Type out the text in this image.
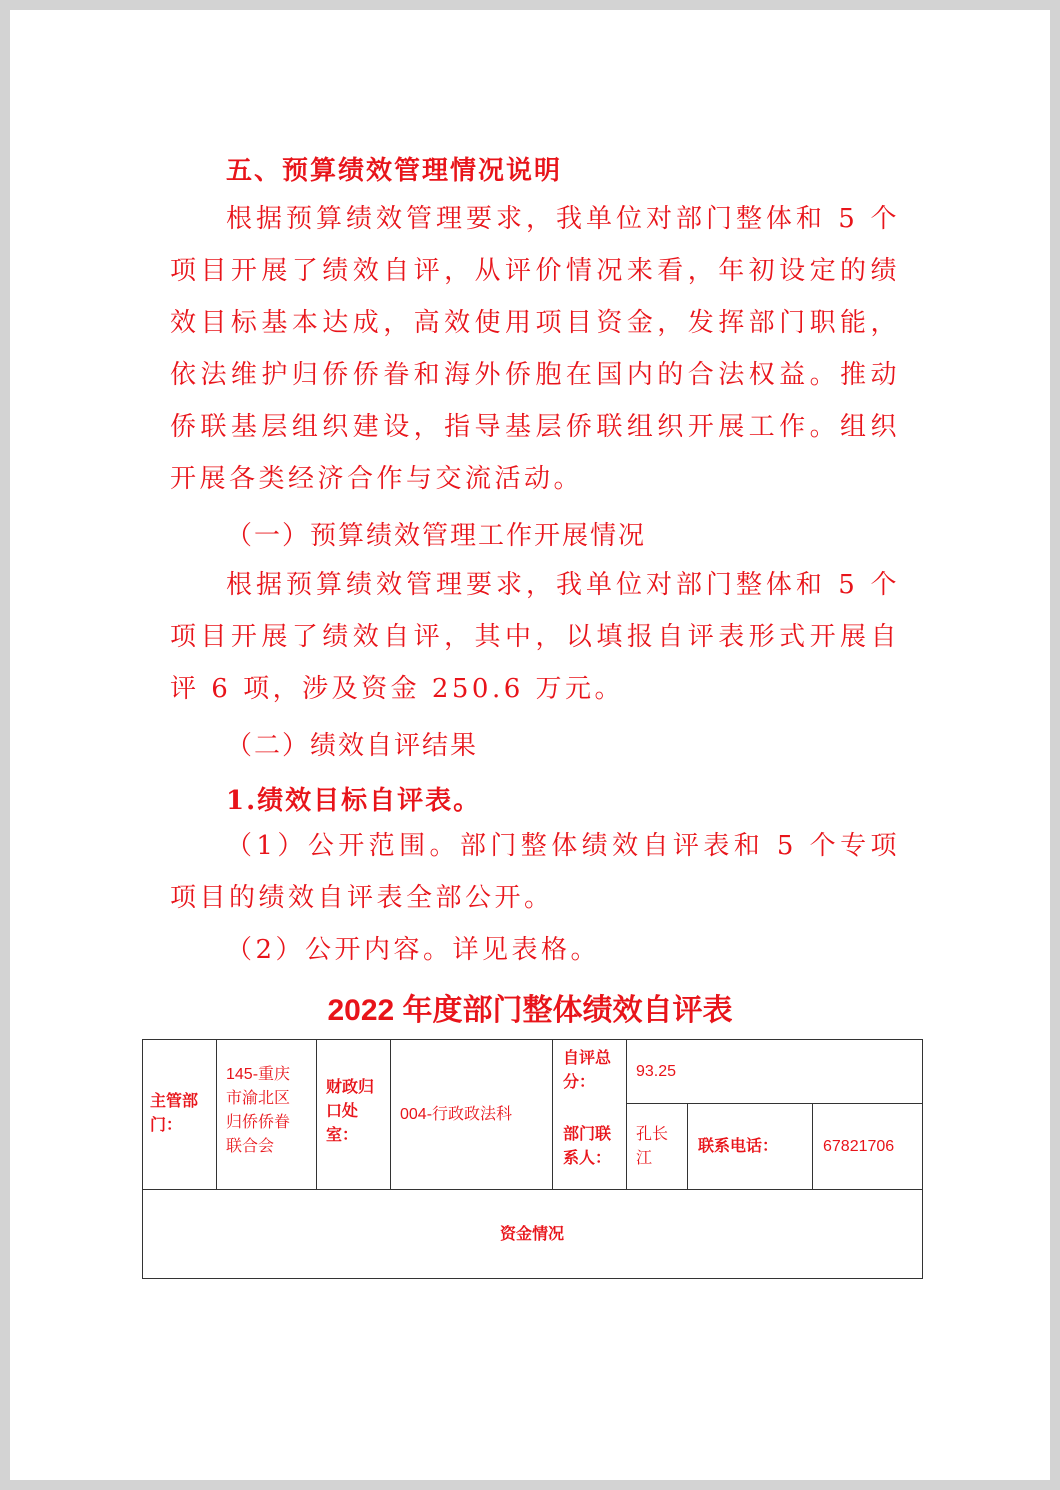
五、预算绩效管理情况说明

根据预算绩效管理要求，我单位对部门整体和 5 个项目开展了绩效自评，从评价情况来看，年初设定的绩效目标基本达成，高效使用项目资金，发挥部门职能，依法维护归侨侨眷和海外侨胞在国内的合法权益。推动侨联基层组织建设，指导基层侨联组织开展工作。组织开展各类经济合作与交流活动。

（一）预算绩效管理工作开展情况

根据预算绩效管理要求，我单位对部门整体和 5 个项目开展了绩效自评，其中，以填报自评表形式开展自评 6 项，涉及资金 250.6 万元。

（二）绩效自评结果
1.绩效目标自评表。

（1）公开范围。部门整体绩效自评表和 5 个专项项目的绩效自评表全部公开。

（2）公开内容。详见表格。

2022 年度部门整体绩效自评表
主管部门：
145-重庆市渝北区归侨侨眷联合会
财政归口处室：
004-行政政法科
自评总分：
93.25
部门联系人：
孔长江
联系电话：	67821706
资金情况
